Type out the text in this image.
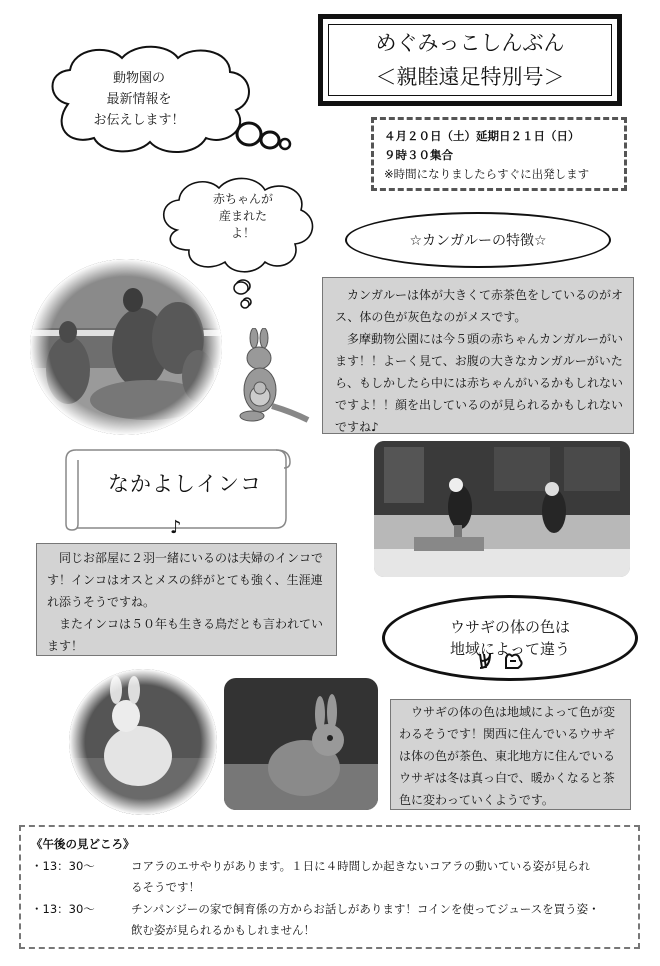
めぐみっこしんぶん
＜親睦遠足特別号＞
４月２０日（土）延期日２１日（日）
９時３０集合
※時間になりましたらすぐに出発します
動物園の
最新情報を
お伝えします！
赤ちゃんが
産まれた
よ！	☆カンガルーの特徴☆

カンガルーは体が大きくて赤茶色をしているのがオス、体の色が灰色なのがメスです。

多摩動物公園には今５頭の赤ちゃんカンガルーがいます！！よーく見て、お腹の大きなカンガルーがいたら、もしかしたら中には赤ちゃんがいるかもしれないですよ！！顔を出しているのが見られるかもしれないですね♪

なかよしインコ
♪

同じお部屋に２羽一緒にいるのは夫婦のインコです！インコはオスとメスの絆がとても強く、生涯連れ添うそうですね。

またインコは５０年も生きる鳥だとも言われています！

ウサギの体の色は
地域によって違う

ウサギの体の色は地域によって色が変わるそうです！関西に住んでいるウサギは体の色が茶色、東北地方に住んでいるウサギは冬は真っ白で、暖かくなると茶色に変わっていくようです。

《午後の見どころ》
・13：30～	コアラのエサやりがあります。１日に４時間しか起きないコアラの動いている姿が見られ
るそうです！
・13：30～	チンパンジーの家で飼育係の方からお話しがあります！コインを使ってジュースを買う姿・
飲む姿が見られるかもしれません！
